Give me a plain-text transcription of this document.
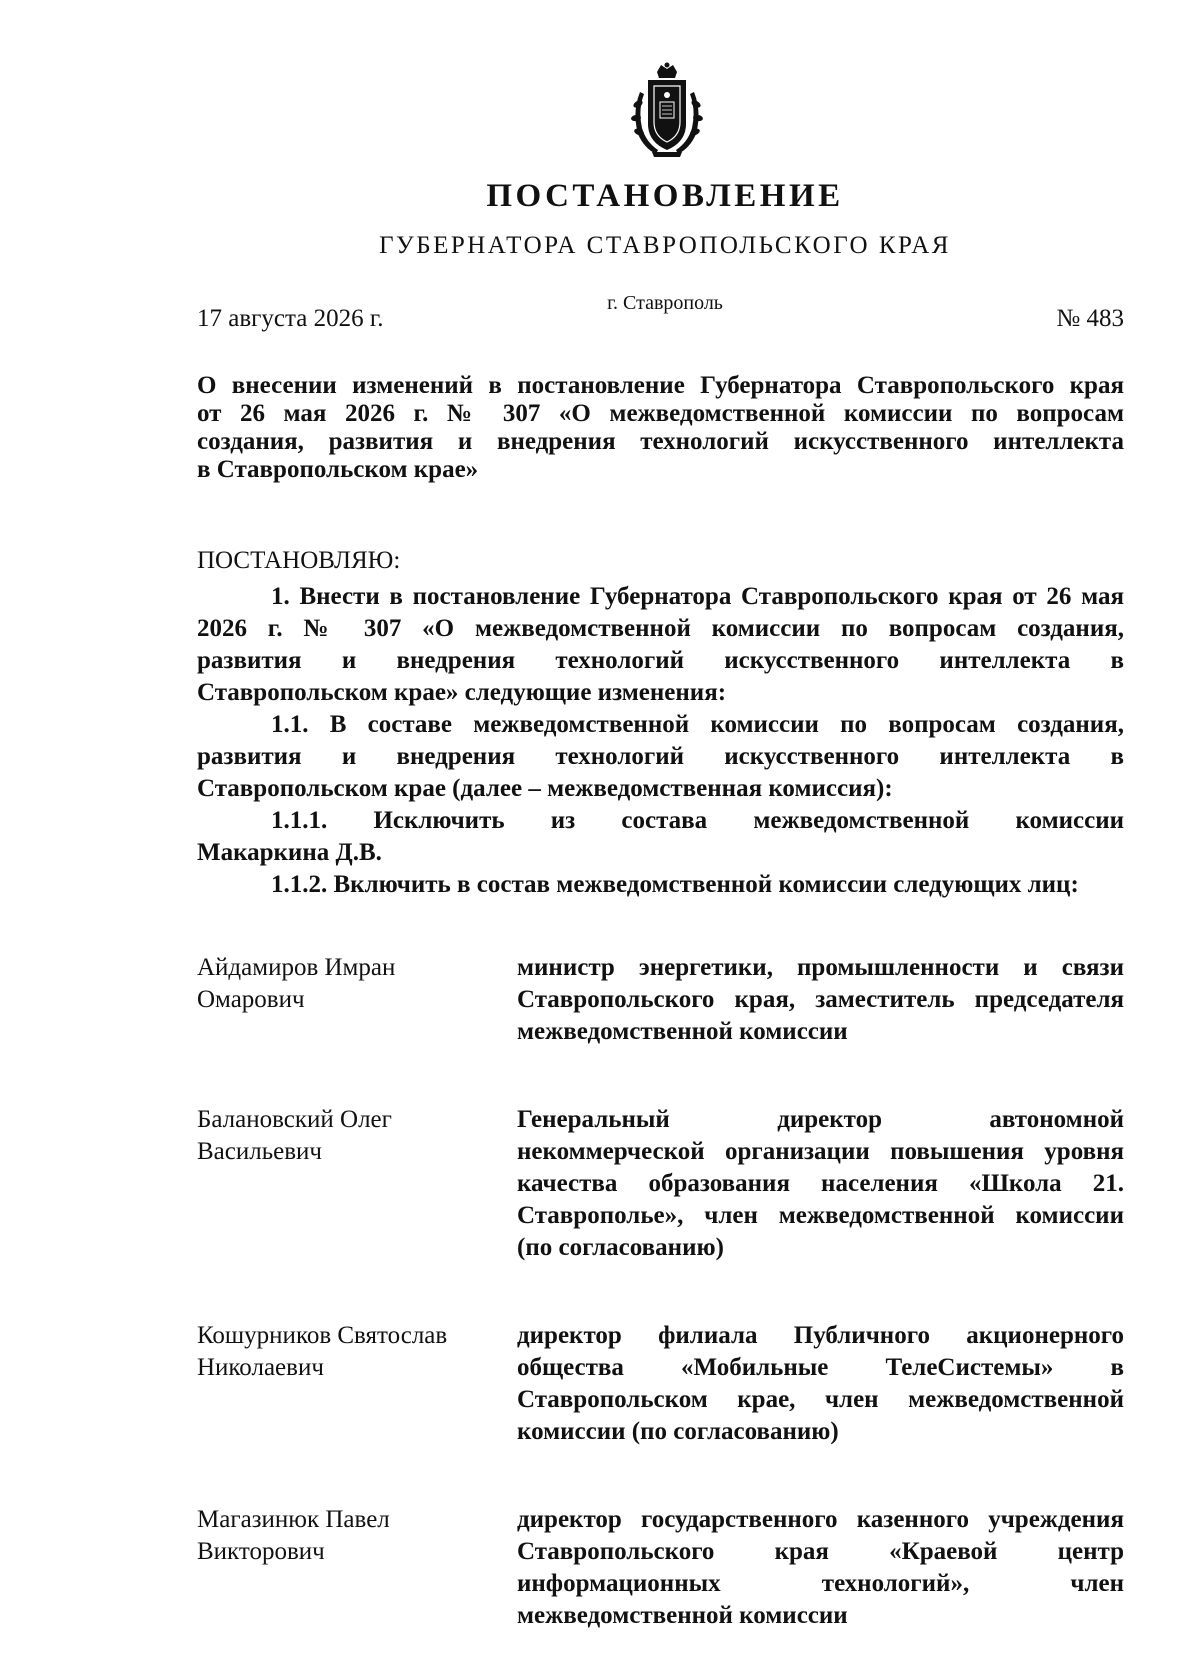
ПОСТАНОВЛЕНИЕ
ГУБЕРНАТОРА СТАВРОПОЛЬСКОГО КРАЯ
г. Ставрополь
17 августа 2026 г.	№ 483
О внесении изменений в постановление Губернатора Ставропольского края
от 26 мая 2026 г. № 307 «О межведомственной комиссии по вопросам
создания, развития и внедрения технологий искусственного интеллекта
в Ставропольском крае»
ПОСТАНОВЛЯЮ:
1. Внести в постановление Губернатора Ставропольского края от 26 мая
2026 г. № 307 «О межведомственной комиссии по вопросам создания,
развития и внедрения технологий искусственного интеллекта в
Ставропольском крае» следующие изменения:
1.1. В составе межведомственной комиссии по вопросам создания,
развития и внедрения технологий искусственного интеллекта в
Ставропольском крае (далее – межведомственная комиссия):
1.1.1. Исключить из состава межведомственной комиссии
Макаркина Д.В.
1.1.2. Включить в состав межведомственной комиссии следующих лиц:
Айдамиров Имран
Омарович
министр энергетики, промышленности и связи
Ставропольского края, заместитель председателя
межведомственной комиссии
Балановский Олег
Васильевич
Генеральный директор автономной
некоммерческой организации повышения уровня
качества образования населения «Школа 21.
Ставрополье», член межведомственной комиссии
(по согласованию)
Кошурников Святослав
Николаевич
директор филиала Публичного акционерного
общества «Мобильные ТелеСистемы» в
Ставропольском крае, член межведомственной
комиссии (по согласованию)
Магазинюк Павел
Викторович
директор государственного казенного учреждения
Ставропольского края «Краевой центр
информационных технологий», член
межведомственной комиссии
